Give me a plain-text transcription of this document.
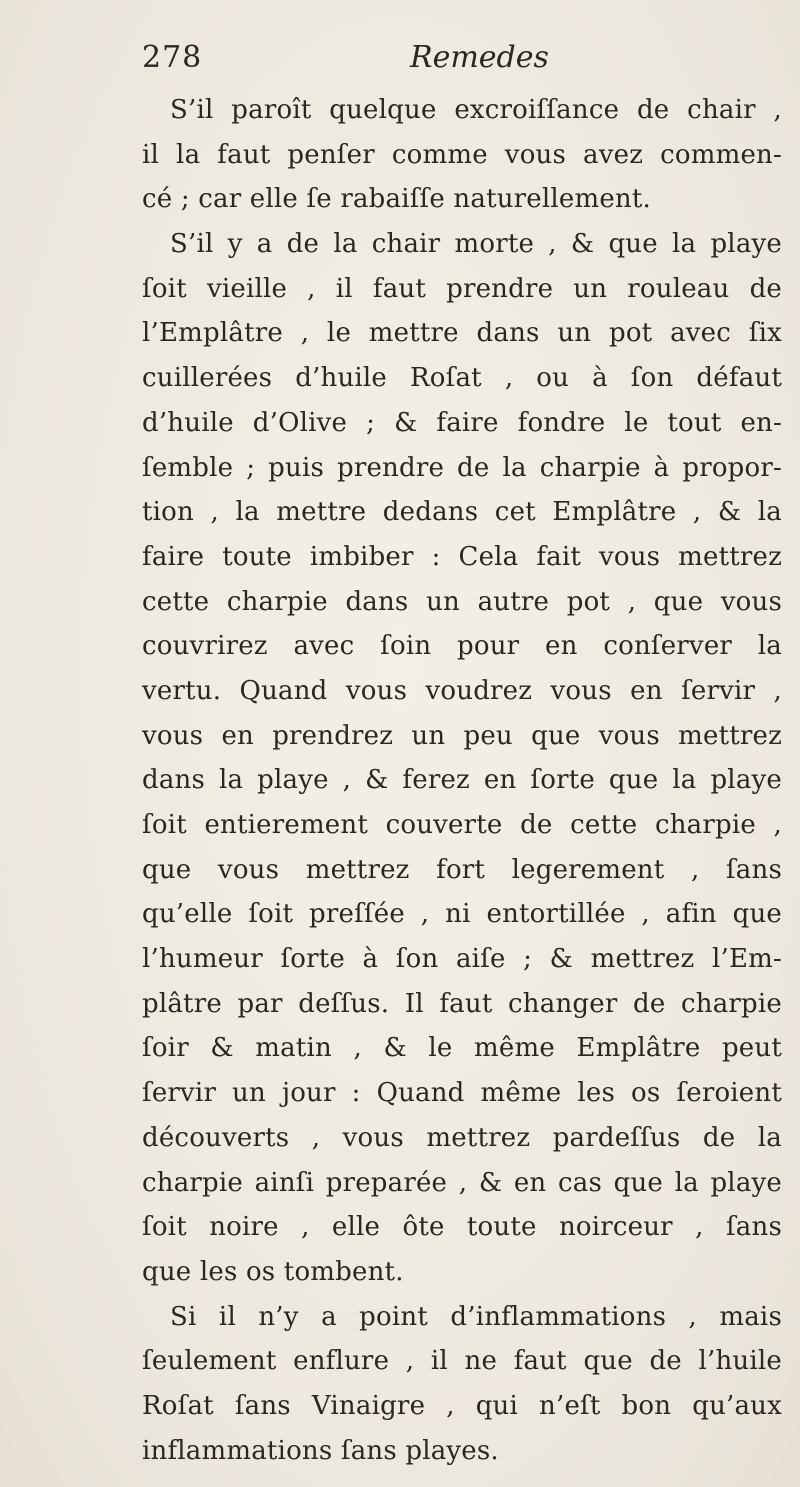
278	Remedes
S’il paroît quelque excroiſſance de chair ,
il la faut penſer comme vous avez commen-
cé ; car elle ſe rabaiſſe naturellement.
S’il y a de la chair morte , & que la playe
ſoit vieille , il faut prendre un rouleau de
l’Emplâtre , le mettre dans un pot avec ſix
cuillerées d’huile Roſat , ou à ſon défaut
d’huile d’Olive ; & faire fondre le tout en-
ſemble ; puis prendre de la charpie à propor-
tion , la mettre dedans cet Emplâtre , & la
faire toute imbiber : Cela fait vous mettrez
cette charpie dans un autre pot , que vous
couvrirez avec ſoin pour en conſerver la
vertu. Quand vous voudrez vous en ſervir ,
vous en prendrez un peu que vous mettrez
dans la playe , & ferez en ſorte que la playe
ſoit entierement couverte de cette charpie ,
que vous mettrez fort legerement , ſans
qu’elle ſoit preſſée , ni entortillée , afin que
l’humeur ſorte à ſon aiſe ; & mettrez l’Em-
plâtre par deſſus. Il faut changer de charpie
ſoir & matin , & le même Emplâtre peut
ſervir un jour : Quand même les os ſeroient
découverts , vous mettrez pardeſſus de la
charpie ainſi preparée , & en cas que la playe
ſoit noire , elle ôte toute noirceur , ſans
que les os tombent.
Si il n’y a point d’inflammations , mais
ſeulement enflure , il ne faut que de l’huile
Roſat ſans Vinaigre , qui n’eſt bon qu’aux
inflammations ſans playes.
